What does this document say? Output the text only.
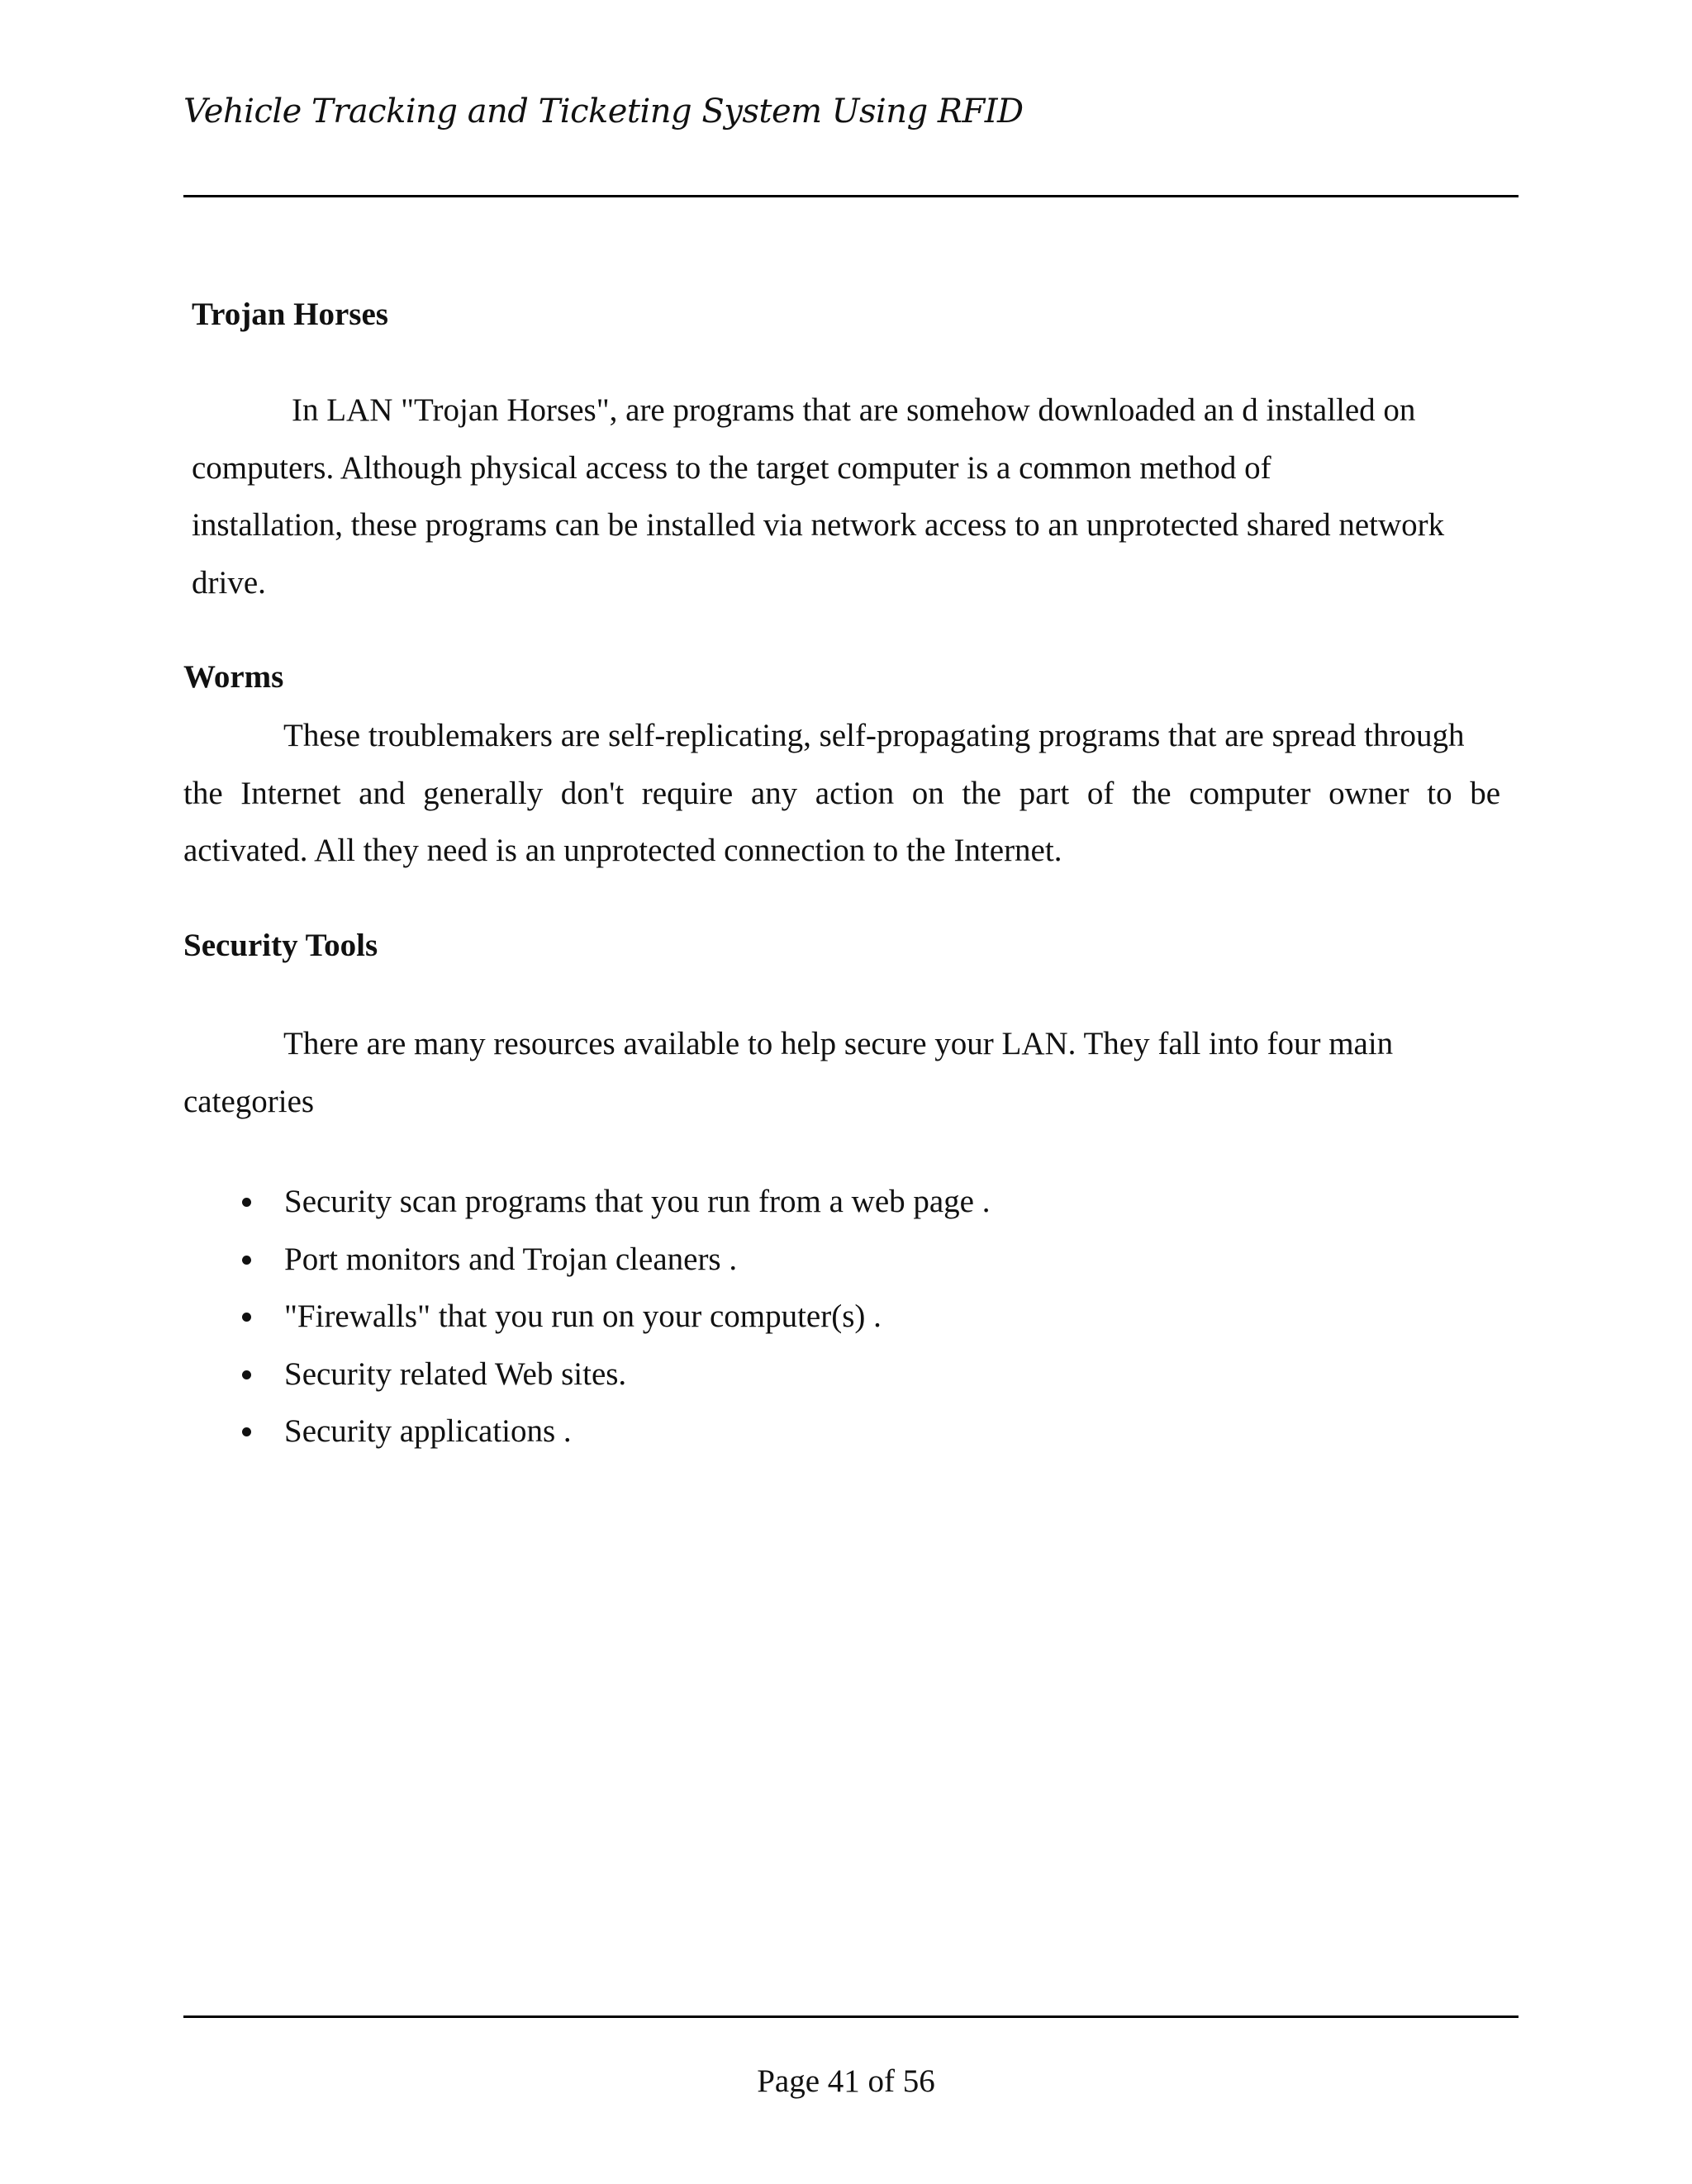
Vehicle Tracking and Ticketing System Using RFID
Trojan Horses
In LAN "Trojan Horses", are programs that are somehow downloaded an d installed on
computers. Although physical access to the target computer is a common method of
installation, these programs can be installed via network access to an unprotected shared network
drive.
Worms
These troublemakers are self-replicating, self-propagating programs that are spread through
the Internet and generally don't require any action on the part of the computer owner to be
activated. All they need is an unprotected connection to the Internet.
Security Tools
There are many resources available to help secure your LAN. They fall into four main
categories
Security scan programs that you run from a web page .
Port monitors and Trojan cleaners .
"Firewalls" that you run on your computer(s) .
Security related Web sites.
Security applications .
Page 41 of 56
